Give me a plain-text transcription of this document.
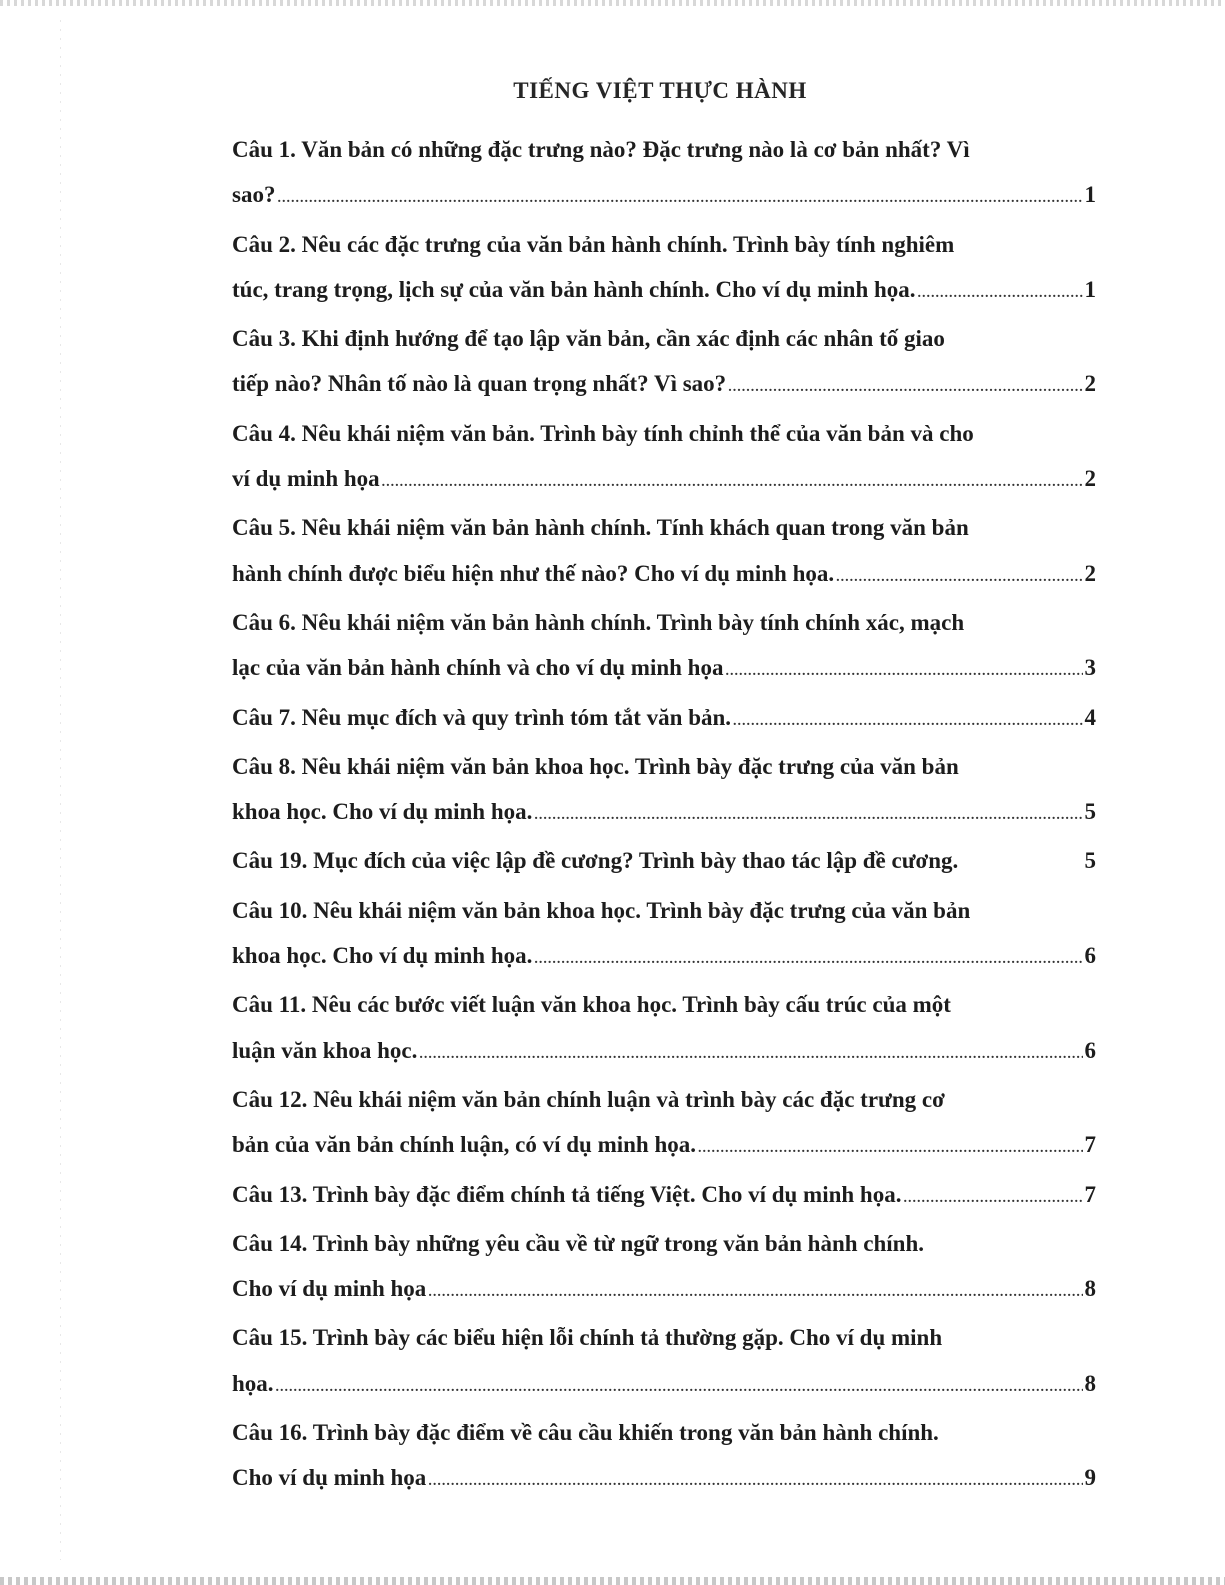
TIẾNG VIỆT THỰC HÀNH
Câu 1. Văn bản có những đặc trưng nào? Đặc trưng nào là cơ bản nhất? Vì
sao? .....	1
Câu 2. Nêu các đặc trưng của văn bản hành chính. Trình bày tính nghiêm
túc, trang trọng, lịch sự của văn bản hành chính. Cho ví dụ minh họa. .....	1
Câu 3. Khi định hướng để tạo lập văn bản, cần xác định các nhân tố giao
tiếp nào? Nhân tố nào là quan trọng nhất? Vì sao? .....	2
Câu 4. Nêu khái niệm văn bản. Trình bày tính chỉnh thể của văn bản và cho
ví dụ minh họa .....	2
Câu 5. Nêu khái niệm văn bản hành chính. Tính khách quan trong văn bản
hành chính được biểu hiện như thế nào? Cho ví dụ minh họa. .....	2
Câu 6. Nêu khái niệm văn bản hành chính. Trình bày tính chính xác, mạch
lạc của văn bản hành chính và cho ví dụ minh họa .....	3
Câu 7. Nêu mục đích và quy trình tóm tắt văn bản. .....	4
Câu 8. Nêu khái niệm văn bản khoa học. Trình bày đặc trưng của văn bản
khoa học. Cho ví dụ minh họa. .....	5
Câu 19. Mục đích của việc lập đề cương? Trình bày thao tác lập đề cương.	5
Câu 10. Nêu khái niệm văn bản khoa học. Trình bày đặc trưng của văn bản
khoa học. Cho ví dụ minh họa. .....	6
Câu 11. Nêu các bước viết luận văn khoa học. Trình bày cấu trúc của một
luận văn khoa học. .....	6
Câu 12. Nêu khái niệm văn bản chính luận và trình bày các đặc trưng cơ
bản của văn bản chính luận, có ví dụ minh họa. .....	7
Câu 13. Trình bày đặc điểm chính tả tiếng Việt. Cho ví dụ minh họa. .....	7
Câu 14. Trình bày những yêu cầu về từ ngữ trong văn bản hành chính.
Cho ví dụ minh họa .....	8
Câu 15. Trình bày các biểu hiện lỗi chính tả thường gặp. Cho ví dụ minh
họa. .....	8
Câu 16. Trình bày đặc điểm về câu cầu khiến trong văn bản hành chính.
Cho ví dụ minh họa .....	9
